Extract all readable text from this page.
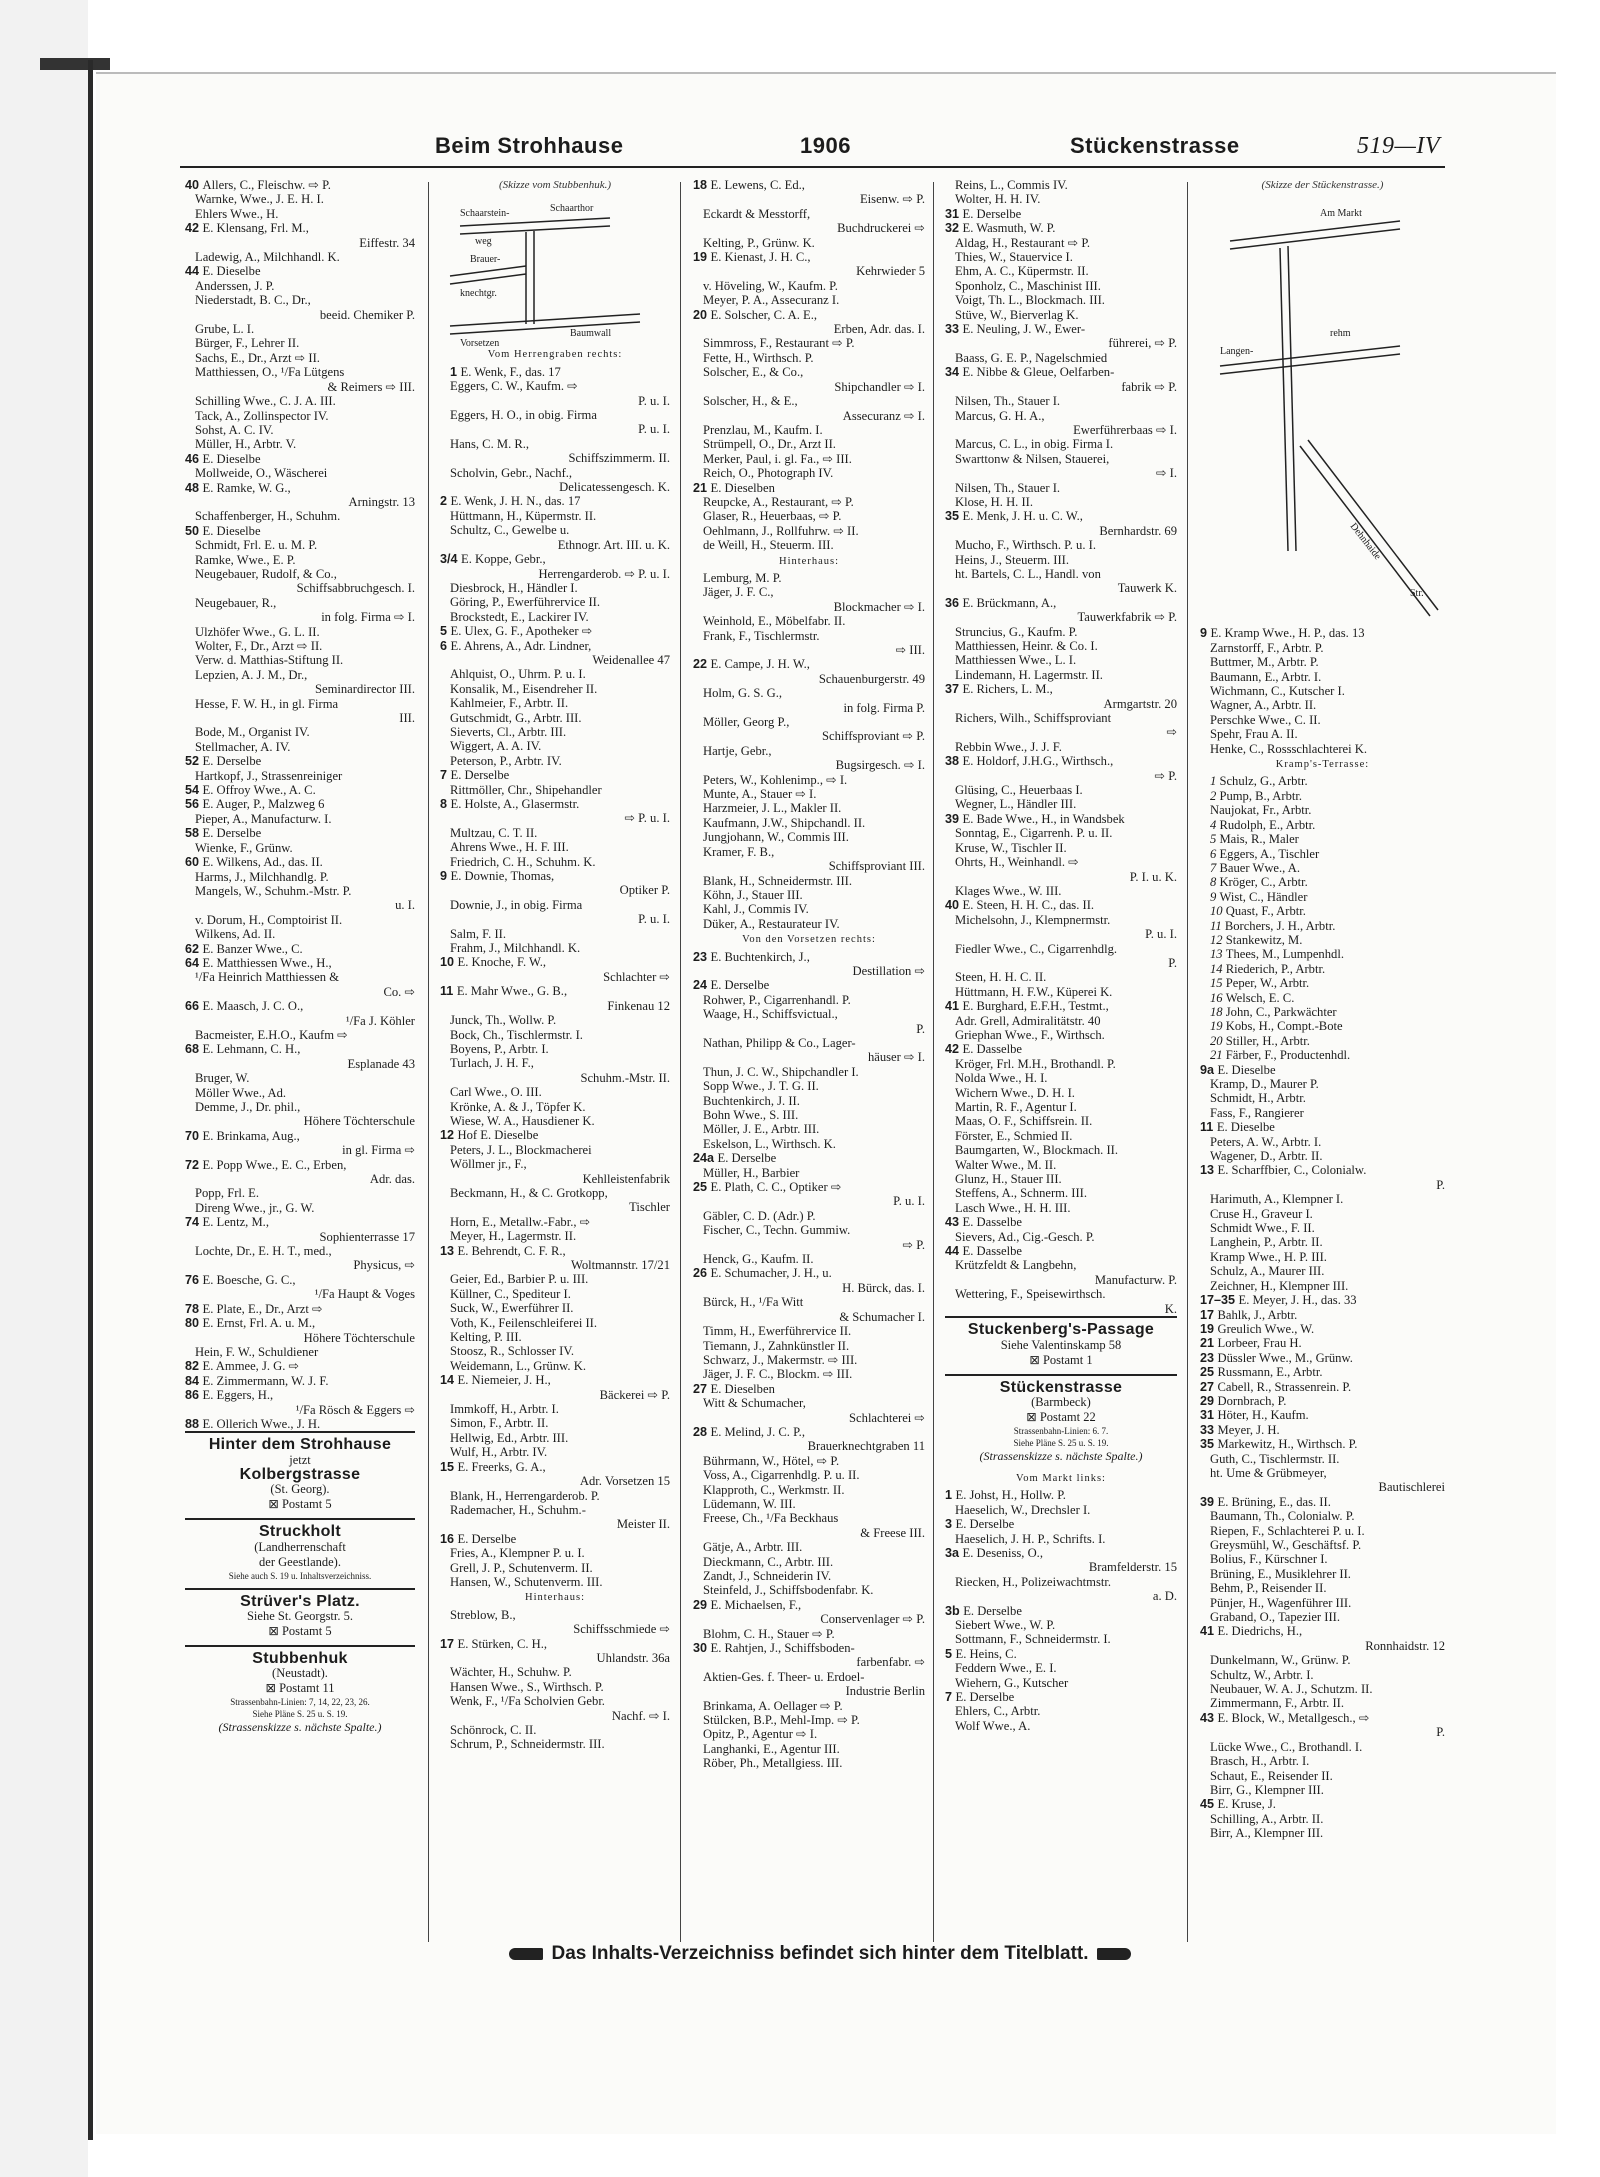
Beim Strohhause	1906	Stückenstrasse	519—IV
40 Allers, C., Fleischw. ⇨ P.
Warnke, Wwe., J. E. H. I.
Ehlers Wwe., H.
42 E. Klensang, Frl. M.,
Eiffestr. 34
Ladewig, A., Milchhandl. K.
44 E. Dieselbe
Anderssen, J. P.
Niederstadt, B. C., Dr.,
beeid. Chemiker P.
Grube, L. I.
Bürger, F., Lehrer II.
Sachs, E., Dr., Arzt ⇨ II.
Matthiessen, O., ¹/Fa Lütgens
& Reimers ⇨ III.
Schilling Wwe., C. J. A. III.
Tack, A., Zollinspector IV.
Sohst, A. C. IV.
Müller, H., Arbtr. V.
46 E. Dieselbe
Mollweide, O., Wäscherei
48 E. Ramke, W. G.,
Arningstr. 13
Schaffenberger, H., Schuhm.
50 E. Dieselbe
Schmidt, Frl. E. u. M. P.
Ramke, Wwe., E. P.
Neugebauer, Rudolf, & Co.,
Schiffsabbruchgesch. I.
Neugebauer, R.,
in folg. Firma ⇨ I.
Ulzhöfer Wwe., G. L. II.
Wolter, F., Dr., Arzt ⇨ II.
Verw. d. Matthias-Stiftung II.
Lepzien, A. J. M., Dr.,
Seminardirector III.
Hesse, F. W. H., in gl. Firma
III.
Bode, M., Organist IV.
Stellmacher, A. IV.
52 E. Derselbe
Hartkopf, J., Strassenreiniger
54 E. Offroy Wwe., A. C.
56 E. Auger, P., Malzweg 6
Pieper, A., Manufacturw. I.
58 E. Derselbe
Wienke, F., Grünw.
60 E. Wilkens, Ad., das. II.
Harms, J., Milchhandlg. P.
Mangels, W., Schuhm.-Mstr. P.
u. I.
v. Dorum, H., Comptoirist II.
Wilkens, Ad. II.
62 E. Banzer Wwe., C.
64 E. Matthiessen Wwe., H.,
¹/Fa Heinrich Matthiessen &
Co. ⇨
66 E. Maasch, J. C. O.,
¹/Fa J. Köhler
Bacmeister, E.H.O., Kaufm ⇨
68 E. Lehmann, C. H.,
Esplanade 43
Bruger, W.
Möller Wwe., Ad.
Demme, J., Dr. phil.,
Höhere Töchterschule
70 E. Brinkama, Aug.,
in gl. Firma ⇨
72 E. Popp Wwe., E. C., Erben,
Adr. das.
Popp, Frl. E.
Direng Wwe., jr., G. W.
74 E. Lentz, M.,
Sophienterrasse 17
Lochte, Dr., E. H. T., med.,
Physicus, ⇨
76 E. Boesche, G. C.,
¹/Fa Haupt & Voges
78 E. Plate, E., Dr., Arzt ⇨
80 E. Ernst, Frl. A. u. M.,
Höhere Töchterschule
Hein, F. W., Schuldiener
82 E. Ammee, J. G. ⇨
84 E. Zimmermann, W. J. F.
86 E. Eggers, H.,
¹/Fa Rösch & Eggers ⇨
88 E. Ollerich Wwe., J. H.
Hinter dem Strohhause
jetzt
Kolbergstrasse
(St. Georg).
⊠ Postamt 5
Struckholt
(Landherrenschaft
der Geestlande).
Siehe auch S. 19 u. Inhaltsverzeichniss.
Strüver's Platz.
Siehe St. Georgstr. 5.
⊠ Postamt 5
Stubbenhuk
(Neustadt).
⊠ Postamt 11
Strassenbahn-Linien: 7, 14, 22, 23, 26.
Siehe Pläne S. 25 u. S. 19.
(Strassenskizze s. nächste Spalte.)
(Skizze vom Stubbenhuk.)
Schaarstein-	Schaarthor
weg
Brauer-
knechtgr.
Vorsetzen
Baumwall
Vom Herrengraben rechts:
1 E. Wenk, F., das. 17
Eggers, C. W., Kaufm. ⇨
P. u. I.
Eggers, H. O., in obig. Firma
P. u. I.
Hans, C. M. R.,
Schiffszimmerm. II.
Scholvin, Gebr., Nachf.,
Delicatessengesch. K.
2 E. Wenk, J. H. N., das. 17
Hüttmann, H., Küpermstr. II.
Schultz, C., Gewelbe u.
Ethnogr. Art. III. u. K.
3/4 E. Koppe, Gebr.,
Herrengarderob. ⇨ P. u. I.
Diesbrock, H., Händler I.
Göring, P., Ewerführervice II.
Brockstedt, E., Lackirer IV.
5 E. Ulex, G. F., Apotheker ⇨
6 E. Ahrens, A., Adr. Lindner,
Weidenallee 47
Ahlquist, O., Uhrm. P. u. I.
Konsalik, M., Eisendreher II.
Kahlmeier, F., Arbtr. II.
Gutschmidt, G., Arbtr. III.
Sieverts, Cl., Arbtr. III.
Wiggert, A. A. IV.
Peterson, P., Arbtr. IV.
7 E. Derselbe
Rittmöller, Chr., Shipehandler
8 E. Holste, A., Glasermstr.
⇨ P. u. I.
Multzau, C. T. II.
Ahrens Wwe., H. F. III.
Friedrich, C. H., Schuhm. K.
9 E. Downie, Thomas,
Optiker P.
Downie, J., in obig. Firma
P. u. I.
Salm, F. II.
Frahm, J., Milchhandl. K.
10 E. Knoche, F. W.,
Schlachter ⇨
11 E. Mahr Wwe., G. B.,
Finkenau 12
Junck, Th., Wollw. P.
Bock, Ch., Tischlermstr. I.
Boyens, P., Arbtr. I.
Turlach, J. H. F.,
Schuhm.-Mstr. II.
Carl Wwe., O. III.
Krönke, A. & J., Töpfer K.
Wiese, W. A., Hausdiener K.
12 Hof E. Dieselbe
Peters, J. L., Blockmacherei
Wöllmer jr., F.,
Kehlleistenfabrik
Beckmann, H., & C. Grotkopp,
Tischler
Horn, E., Metallw.-Fabr., ⇨
Meyer, H., Lagermstr. II.
13 E. Behrendt, C. F. R.,
Woltmannstr. 17/21
Geier, Ed., Barbier P. u. III.
Küllner, C., Spediteur I.
Suck, W., Ewerführer II.
Voth, K., Feilenschleiferei II.
Kelting, P. III.
Stoosz, R., Schlosser IV.
Weidemann, L., Grünw. K.
14 E. Niemeier, J. H.,
Bäckerei ⇨ P.
Immkoff, H., Arbtr. I.
Simon, F., Arbtr. II.
Hellwig, Ed., Arbtr. III.
Wulf, H., Arbtr. IV.
15 E. Freerks, G. A.,
Adr. Vorsetzen 15
Blank, H., Herrengarderob. P.
Rademacher, H., Schuhm.-
Meister II.
16 E. Derselbe
Fries, A., Klempner P. u. I.
Grell, J. P., Schutenverm. II.
Hansen, W., Schutenverm. III.
Hinterhaus:
Streblow, B.,
Schiffsschmiede ⇨
17 E. Stürken, C. H.,
Uhlandstr. 36a
Wächter, H., Schuhw. P.
Hansen Wwe., S., Wirthsch. P.
Wenk, F., ¹/Fa Scholvien Gebr.
Nachf. ⇨ I.
Schönrock, C. II.
Schrum, P., Schneidermstr. III.
18 E. Lewens, C. Ed.,
Eisenw. ⇨ P.
Eckardt & Messtorff,
Buchdruckerei ⇨
Kelting, P., Grünw. K.
19 E. Kienast, J. H. C.,
Kehrwieder 5
v. Höveling, W., Kaufm. P.
Meyer, P. A., Assecuranz I.
20 E. Solscher, C. A. E.,
Erben, Adr. das. I.
Simmross, F., Restaurant ⇨ P.
Fette, H., Wirthsch. P.
Solscher, E., & Co.,
Shipchandler ⇨ I.
Solscher, H., & E.,
Assecuranz ⇨ I.
Prenzlau, M., Kaufm. I.
Strümpell, O., Dr., Arzt II.
Merker, Paul, i. gl. Fa., ⇨ III.
Reich, O., Photograph IV.
21 E. Dieselben
Reupcke, A., Restaurant, ⇨ P.
Glaser, R., Heuerbaas, ⇨ P.
Oehlmann, J., Rollfuhrw. ⇨ II.
de Weill, H., Steuerm. III.
Hinterhaus:
Lemburg, M. P.
Jäger, J. F. C.,
Blockmacher ⇨ I.
Weinhold, E., Möbelfabr. II.
Frank, F., Tischlermstr.
⇨ III.
22 E. Campe, J. H. W.,
Schauenburgerstr. 49
Holm, G. S. G.,
in folg. Firma P.
Möller, Georg P.,
Schiffsproviant ⇨ P.
Hartje, Gebr.,
Bugsirgesch. ⇨ I.
Peters, W., Kohlenimp., ⇨ I.
Munte, A., Stauer ⇨ I.
Harzmeier, J. L., Makler II.
Kaufmann, J.W., Shipchandl. II.
Jungjohann, W., Commis III.
Kramer, F. B.,
Schiffsproviant III.
Blank, H., Schneidermstr. III.
Köhn, J., Stauer III.
Kahl, J., Commis IV.
Düker, A., Restaurateur IV.
Von den Vorsetzen rechts:
23 E. Buchtenkirch, J.,
Destillation ⇨
24 E. Derselbe
Rohwer, P., Cigarrenhandl. P.
Waage, H., Schiffsvictual.,
P.
Nathan, Philipp & Co., Lager-
häuser ⇨ I.
Thun, J. C. W., Shipchandler I.
Sopp Wwe., J. T. G. II.
Buchtenkirch, J. II.
Bohn Wwe., S. III.
Möller, J. E., Arbtr. III.
Eskelson, L., Wirthsch. K.
24a E. Derselbe
Müller, H., Barbier
25 E. Plath, C. C., Optiker ⇨
P. u. I.
Gäbler, C. D. (Adr.) P.
Fischer, C., Techn. Gummiw.
⇨ P.
Henck, G., Kaufm. II.
26 E. Schumacher, J. H., u.
H. Bürck, das. I.
Bürck, H., ¹/Fa Witt
& Schumacher I.
Timm, H., Ewerführervice II.
Tiemann, J., Zahnkünstler II.
Schwarz, J., Makermstr. ⇨ III.
Jäger, J. F. C., Blockm. ⇨ III.
27 E. Dieselben
Witt & Schumacher,
Schlachterei ⇨
28 E. Melind, J. C. P.,
Brauerknechtgraben 11
Bührmann, W., Hötel, ⇨ P.
Voss, A., Cigarrenhdlg. P. u. II.
Klapproth, C., Werkmstr. II.
Lüdemann, W. III.
Freese, Ch., ¹/Fa Beckhaus
& Freese III.
Gätje, A., Arbtr. III.
Dieckmann, C., Arbtr. III.
Zandt, J., Schneiderin IV.
Steinfeld, J., Schiffsbodenfabr. K.
29 E. Michaelsen, F.,
Conservenlager ⇨ P.
Blohm, C. H., Stauer ⇨ P.
30 E. Rahtjen, J., Schiffsboden-
farbenfabr. ⇨
Aktien-Ges. f. Theer- u. Erdoel-
Industrie Berlin
Brinkama, A. Oellager ⇨ P.
Stülcken, B.P., Mehl-Imp. ⇨ P.
Opitz, P., Agentur ⇨ I.
Langhanki, E., Agentur III.
Röber, Ph., Metallgiess. III.
Reins, L., Commis IV.
Wolter, H. H. IV.
31 E. Derselbe
32 E. Wasmuth, W. P.
Aldag, H., Restaurant ⇨ P.
Thies, W., Stauervice I.
Ehm, A. C., Küpermstr. II.
Sponholz, C., Maschinist III.
Voigt, Th. L., Blockmach. III.
Stüve, W., Bierverlag K.
33 E. Neuling, J. W., Ewer-
führerei, ⇨ P.
Baass, G. E. P., Nagelschmied
34 E. Nibbe & Gleue, Oelfarben-
fabrik ⇨ P.
Nilsen, Th., Stauer I.
Marcus, G. H. A.,
Ewerführerbaas ⇨ I.
Marcus, C. L., in obig. Firma I.
Swarttonw & Nilsen, Stauerei,
⇨ I.
Nilsen, Th., Stauer I.
Klose, H. H. II.
35 E. Menk, J. H. u. C. W.,
Bernhardstr. 69
Mucho, F., Wirthsch. P. u. I.
Heins, J., Steuerm. III.
ht. Bartels, C. L., Handl. von
Tauwerk K.
36 E. Brückmann, A.,
Tauwerkfabrik ⇨ P.
Struncius, G., Kaufm. P.
Matthiessen, Heinr. & Co. I.
Matthiessen Wwe., L. I.
Lindemann, H. Lagermstr. II.
37 E. Richers, L. M.,
Armgartstr. 20
Richers, Wilh., Schiffsproviant
⇨
Rebbin Wwe., J. J. F.
38 E. Holdorf, J.H.G., Wirthsch.,
⇨ P.
Glüsing, C., Heuerbaas I.
Wegner, L., Händler III.
39 E. Bade Wwe., H., in Wandsbek
Sonntag, E., Cigarrenh. P. u. II.
Kruse, W., Tischler II.
Ohrts, H., Weinhandl. ⇨
P. I. u. K.
Klages Wwe., W. III.
40 E. Steen, H. H. C., das. II.
Michelsohn, J., Klempnermstr.
P. u. I.
Fiedler Wwe., C., Cigarrenhdlg.
P.
Steen, H. H. C. II.
Hüttmann, H. F.W., Küperei K.
41 E. Burghard, E.F.H., Testmt.,
Adr. Grell, Admiralitätstr. 40
Griephan Wwe., F., Wirthsch.
42 E. Dasselbe
Kröger, Frl. M.H., Brothandl. P.
Nolda Wwe., H. I.
Wichern Wwe., D. H. I.
Martin, R. F., Agentur I.
Maas, O. F., Schiffsrein. II.
Förster, E., Schmied II.
Baumgarten, W., Blockmach. II.
Walter Wwe., M. II.
Glunz, H., Stauer III.
Steffens, A., Schnerm. III.
Lasch Wwe., H. H. III.
43 E. Dasselbe
Sievers, Ad., Cig.-Gesch. P.
44 E. Dasselbe
Krützfeldt & Langbehn,
Manufacturw. P.
Wettering, F., Speisewirthsch.
K.
Stuckenberg's-Passage
Siehe Valentinskamp 58
⊠ Postamt 1
Stückenstrasse
(Barmbeck)
⊠ Postamt 22
Strassenbahn-Linien: 6. 7.
Siehe Pläne S. 25 u. S. 19.
(Strassenskizze s. nächste Spalte.)
Vom Markt links:
1 E. Johst, H., Hollw. P.
Haeselich, W., Drechsler I.
3 E. Derselbe
Haeselich, J. H. P., Schrifts. I.
3a E. Deseniss, O.,
Bramfelderstr. 15
Riecken, H., Polizeiwachtmstr.
a. D.
3b E. Derselbe
Siebert Wwe., W. P.
Sottmann, F., Schneidermstr. I.
5 E. Heins, C.
Feddern Wwe., E. I.
Wiehern, G., Kutscher
7 E. Derselbe
Ehlers, C., Arbtr.
Wolf Wwe., A.
(Skizze der Stückenstrasse.)
Am Markt
Langen-
rehm
Dehnhaide
Str.
9 E. Kramp Wwe., H. P., das. 13
Zarnstorff, F., Arbtr. P.
Buttmer, M., Arbtr. P.
Baumann, E., Arbtr. I.
Wichmann, C., Kutscher I.
Wagner, A., Arbtr. II.
Perschke Wwe., C. II.
Spehr, Frau A. II.
Henke, C., Rossschlachterei K.
Kramp's-Terrasse:
1 Schulz, G., Arbtr.
2 Pump, B., Arbtr.
Naujokat, Fr., Arbtr.
4 Rudolph, E., Arbtr.
5 Mais, R., Maler
6 Eggers, A., Tischler
7 Bauer Wwe., A.
8 Kröger, C., Arbtr.
9 Wist, C., Händler
10 Quast, F., Arbtr.
11 Borchers, J. H., Arbtr.
12 Stankewitz, M.
13 Thees, M., Lumpenhdl.
14 Riederich, P., Arbtr.
15 Peper, W., Arbtr.
16 Welsch, E. C.
18 John, C., Parkwächter
19 Kobs, H., Compt.-Bote
20 Stiller, H., Arbtr.
21 Färber, F., Productenhdl.
9a E. Dieselbe
Kramp, D., Maurer P.
Schmidt, H., Arbtr.
Fass, F., Rangierer
11 E. Dieselbe
Peters, A. W., Arbtr. I.
Wagener, D., Arbtr. II.
13 E. Scharffbier, C., Colonialw.
P.
Harimuth, A., Klempner I.
Cruse H., Graveur I.
Schmidt Wwe., F. II.
Langhein, P., Arbtr. II.
Kramp Wwe., H. P. III.
Schulz, A., Maurer III.
Zeichner, H., Klempner III.
17–35 E. Meyer, J. H., das. 33
17 Bahlk, J., Arbtr.
19 Greulich Wwe., W.
21 Lorbeer, Frau H.
23 Düssler Wwe., M., Grünw.
25 Russmann, E., Arbtr.
27 Cabell, R., Strassenrein. P.
29 Dornbrach, P.
31 Höter, H., Kaufm.
33 Meyer, J. H.
35 Markewitz, H., Wirthsch. P.
Guth, C., Tischlermstr. II.
ht. Ume & Grübmeyer,
Bautischlerei
39 E. Brüning, E., das. II.
Baumann, Th., Colonialw. P.
Riepen, F., Schlachterei P. u. I.
Greysmühl, W., Geschäftsf. P.
Bolius, F., Kürschner I.
Brüning, E., Musiklehrer II.
Behm, P., Reisender II.
Pünjer, H., Wagenführer III.
Graband, O., Tapezier III.
41 E. Diedrichs, H.,
Ronnhaidstr. 12
Dunkelmann, W., Grünw. P.
Schultz, W., Arbtr. I.
Neubauer, W. A. J., Schutzm. II.
Zimmermann, F., Arbtr. II.
43 E. Block, W., Metallgesch., ⇨
P.
Lücke Wwe., C., Brothandl. I.
Brasch, H., Arbtr. I.
Schaut, E., Reisender II.
Birr, G., Klempner III.
45 E. Kruse, J.
Schilling, A., Arbtr. II.
Birr, A., Klempner III.
Das Inhalts-Verzeichniss befindet sich hinter dem Titelblatt.
